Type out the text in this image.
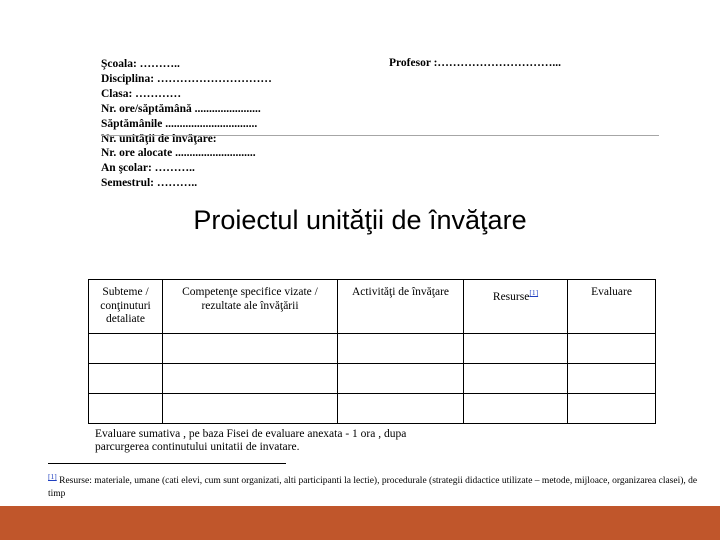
Şcoala: ………..
Disciplina: …………………………
Clasa: …………
Nr. ore/săptămână .......................
Săptămânile ................................
Nr. unităţii de învăţare:
Nr. ore alocate ............................
An şcolar: ………..
Semestrul: ………..
Profesor :…………………………...
Proiectul unităţii de învăţare
Subteme / conţinuturi detaliate	Competenţe specifice vizate / rezultate ale învăţării	Activităţi de învăţare	Resurse[1]	Evaluare

Evaluare sumativa , pe baza Fisei de evaluare anexata - 1 ora , dupa
parcurgerea continutului unitatii de invatare.
[1] Resurse: materiale, umane (cati elevi, cum sunt organizati, alti participanti la lectie), procedurale (strategii didactice utilizate – metode, mijloace, organizarea clasei), de timp
